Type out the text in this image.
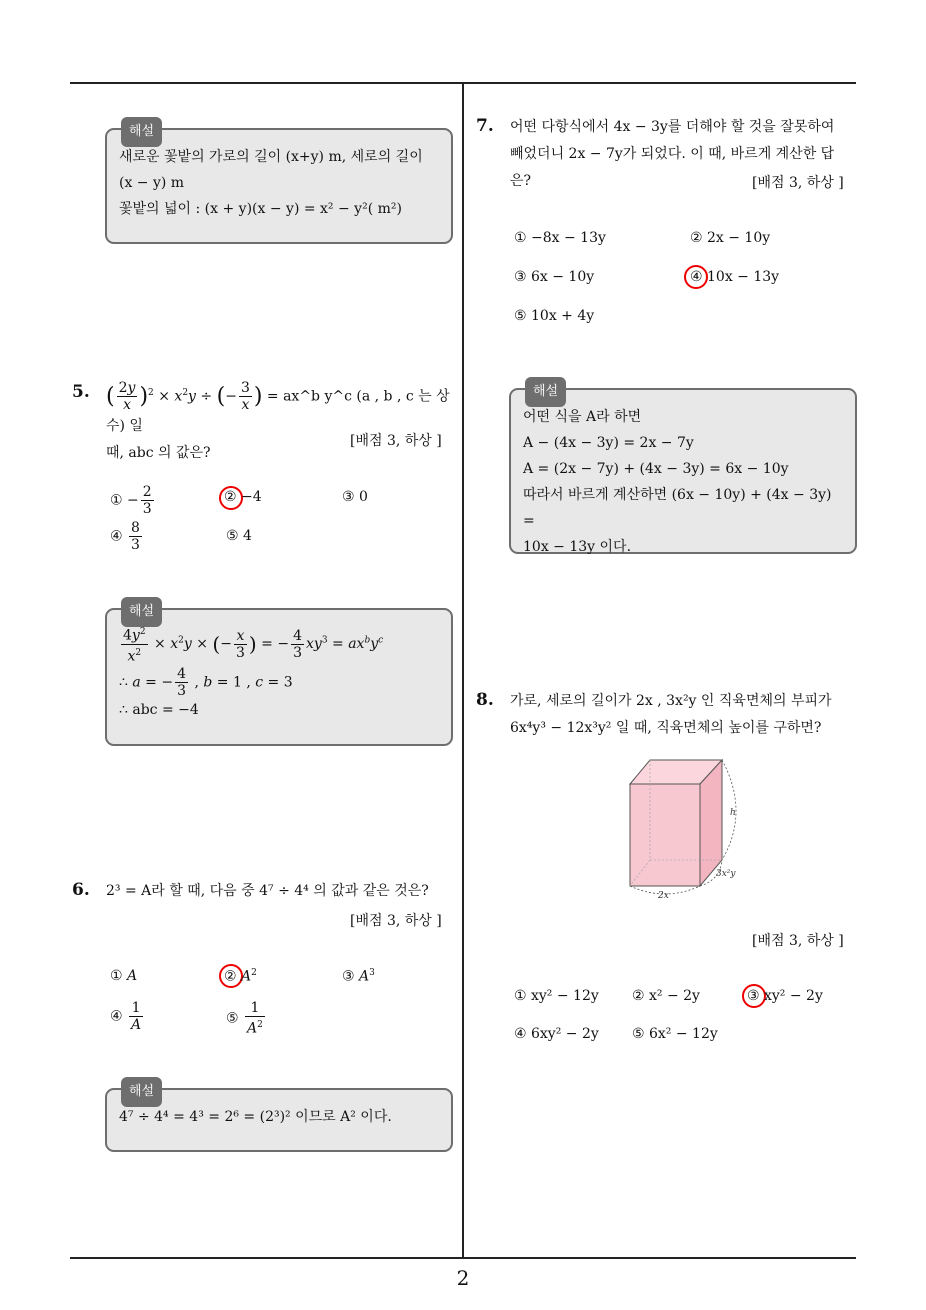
해설
새로운 꽃밭의 가로의 길이 (x+y) m, 세로의 길이
(x − y) m
꽃밭의 넓이 : (x + y)(x − y) = x² − y²( m²)
5. ( $\frac{2y}{x} )^2 \times x^2y$ ÷ (− $\frac{3}{x}$ ) = ax^b y^c (a , b , c 는 상수) 일
때, abc 의 값은?
[배점 3, 하상 ]
① − $\frac{2}{3}$	② −4	③ 0
④ $\frac{8}{3}$	⑤ 4
해설
$\frac{4y^2}{x^2} \times x^2y$ × (− $\frac{x}{3}$ ) = − $\frac{4}{3} xy^3 = ax^by^c$
∴ a = − $\frac{4}{3}$ , b = 1 , c = 3
∴ abc = −4
6. 2³ = A라 할 때, 다음 중 4⁷ ÷ 4⁴ 의 값과 같은 것은?
[배점 3, 하상 ]
① A	② $A^2$	③ $A^3$
④ $\frac{1}{A}$	⑤ $\frac{1}{A^2}$
해설
4⁷ ÷ 4⁴ = 4³ = 2⁶ = (2³)² 이므로 A² 이다.
7. 어떤 다항식에서 4x − 3y를 더해야 할 것을 잘못하여
빼었더니 2x − 7y가 되었다. 이 때, 바르게 계산한 답
은?	[배점 3, 하상 ]
① −8x − 13y	② 2x − 10y
③ 6x − 10y	④ 10x − 13y
⑤ 10x + 4y
해설
어떤 식을 A라 하면
A − (4x − 3y) = 2x − 7y
A = (2x − 7y) + (4x − 3y) = 6x − 10y
따라서 바르게 계산하면 (6x − 10y) + (4x − 3y) =
10x − 13y 이다.
8. 가로, 세로의 길이가 2x , 3x²y 인 직육면체의 부피가
6x⁴y³ − 12x³y² 일 때, 직육면체의 높이를 구하면?
2x
h
3x²y
[배점 3, 하상 ]
① xy² − 12y ② x² − 2y	③ xy² − 2y
④ 6xy² − 2y ⑤ 6x² − 12y
2
